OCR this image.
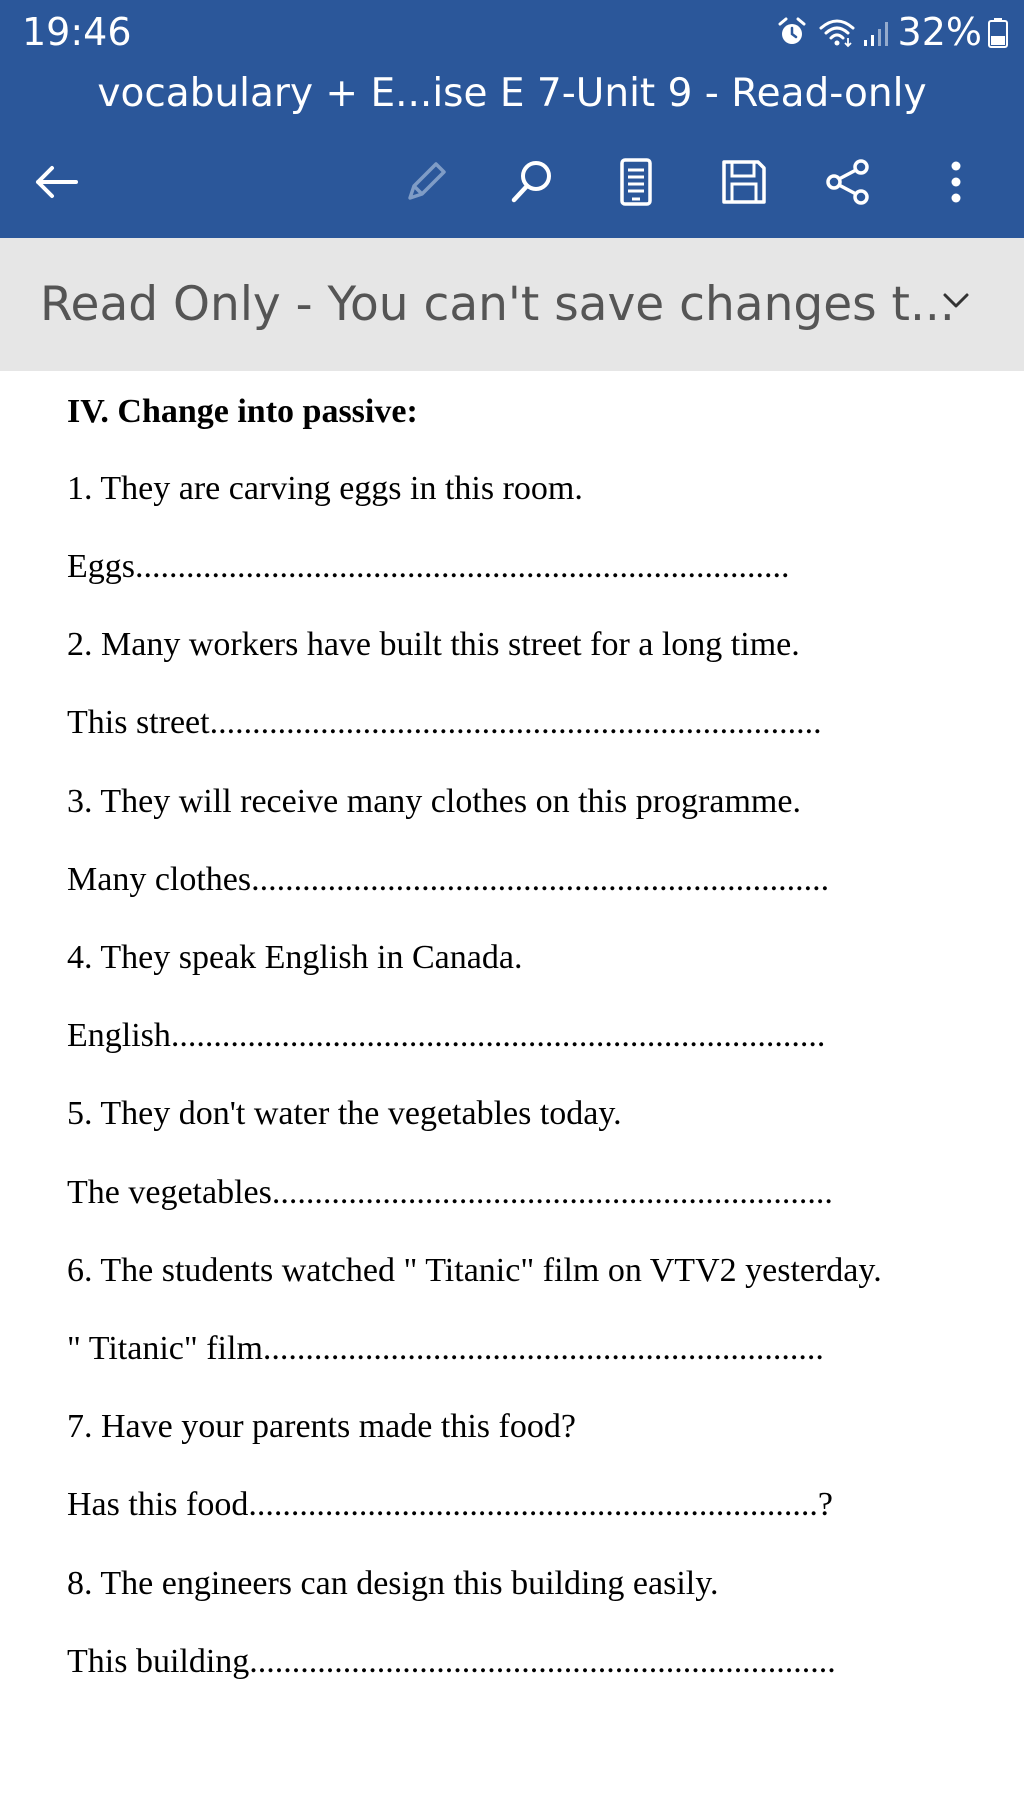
19:46	32%
vocabulary + E...ise E 7-Unit 9 - Read-only
Read Only - You can't save changes t...
IV. Change into passive:
1. They are carving eggs in this room.
Eggs.............................................................................
2. Many workers have built this street for a long time.
This street........................................................................
3. They will receive many clothes on this programme.
Many clothes....................................................................
4. They speak English in Canada.
English.............................................................................
5. They don't water the vegetables today.
The vegetables..................................................................
6. The students watched " Titanic" film on VTV2 yesterday.
" Titanic" film..................................................................
7. Have your parents made this food?
Has this food...................................................................?
8. The engineers can design this building easily.
This building.....................................................................
